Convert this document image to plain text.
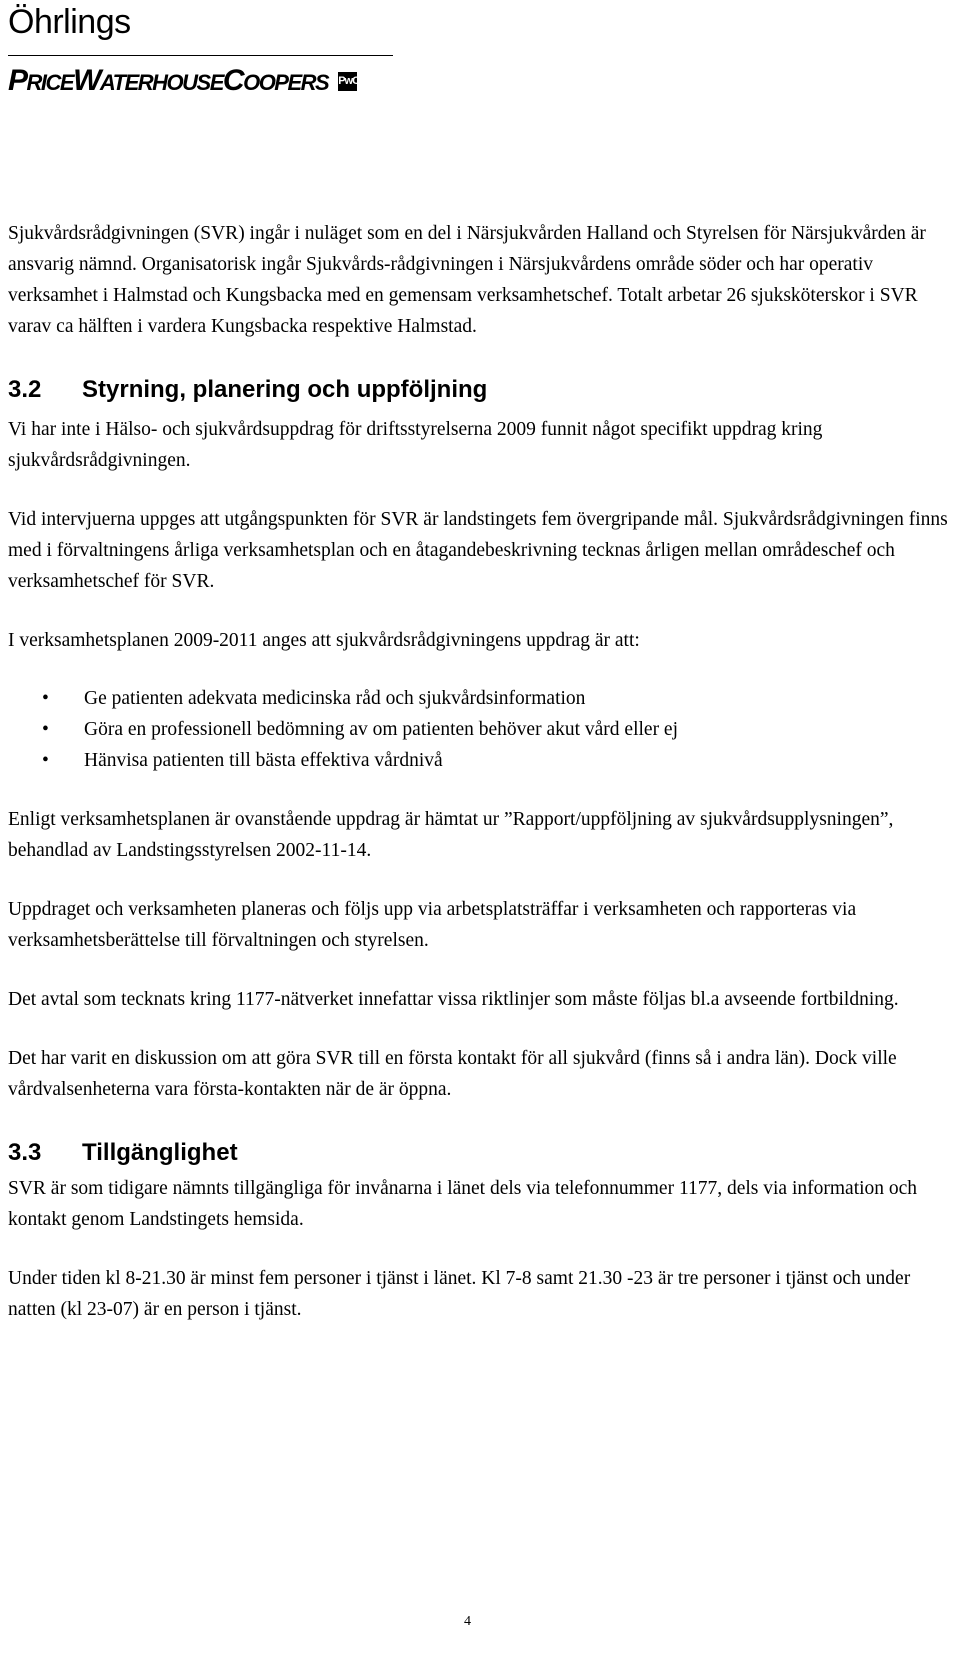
Öhrlings
PRICEWATERHOUSECOOPERS PwC

Sjukvårdsrådgivningen (SVR) ingår i nuläget som en del i Närsjukvården Halland och Styrelsen för Närsjukvården är ansvarig nämnd. Organisatorisk ingår Sjukvårds-rådgivningen i Närsjukvårdens område söder och har operativ verksamhet i Halmstad och Kungsbacka med en gemensam verksamhetschef. Totalt arbetar 26 sjuksköterskor i SVR varav ca hälften i vardera Kungsbacka respektive Halmstad.

3.2 Styrning, planering och uppföljning

Vi har inte i Hälso- och sjukvårdsuppdrag för driftsstyrelserna 2009 funnit något specifikt uppdrag kring sjukvårdsrådgivningen.

Vid intervjuerna uppges att utgångspunkten för SVR är landstingets fem övergripande mål. Sjukvårdsrådgivningen finns med i förvaltningens årliga verksamhetsplan och en åtagandebeskrivning tecknas årligen mellan områdeschef och verksamhetschef för SVR.

I verksamhetsplanen 2009-2011 anges att sjukvårdsrådgivningens uppdrag är att:

• Ge patienten adekvata medicinska råd och sjukvårdsinformation
• Göra en professionell bedömning av om patienten behöver akut vård eller ej
• Hänvisa patienten till bästa effektiva vårdnivå

Enligt verksamhetsplanen är ovanstående uppdrag är hämtat ur ”Rapport/uppföljning av sjukvårdsupplysningen”, behandlad av Landstingsstyrelsen 2002-11-14.

Uppdraget och verksamheten planeras och följs upp via arbetsplatsträffar i verksamheten och rapporteras via verksamhetsberättelse till förvaltningen och styrelsen.

Det avtal som tecknats kring 1177-nätverket innefattar vissa riktlinjer som måste följas bl.a avseende fortbildning.

Det har varit en diskussion om att göra SVR till en första kontakt för all sjukvård (finns så i andra län). Dock ville vårdvalsenheterna vara första-kontakten när de är öppna.

3.3 Tillgänglighet

SVR är som tidigare nämnts tillgängliga för invånarna i länet dels via telefonnummer 1177, dels via information och kontakt genom Landstingets hemsida.

Under tiden kl 8-21.30 är minst fem personer i tjänst i länet. Kl 7-8 samt 21.30 -23 är tre personer i tjänst och under natten (kl 23-07) är en person i tjänst.

4
